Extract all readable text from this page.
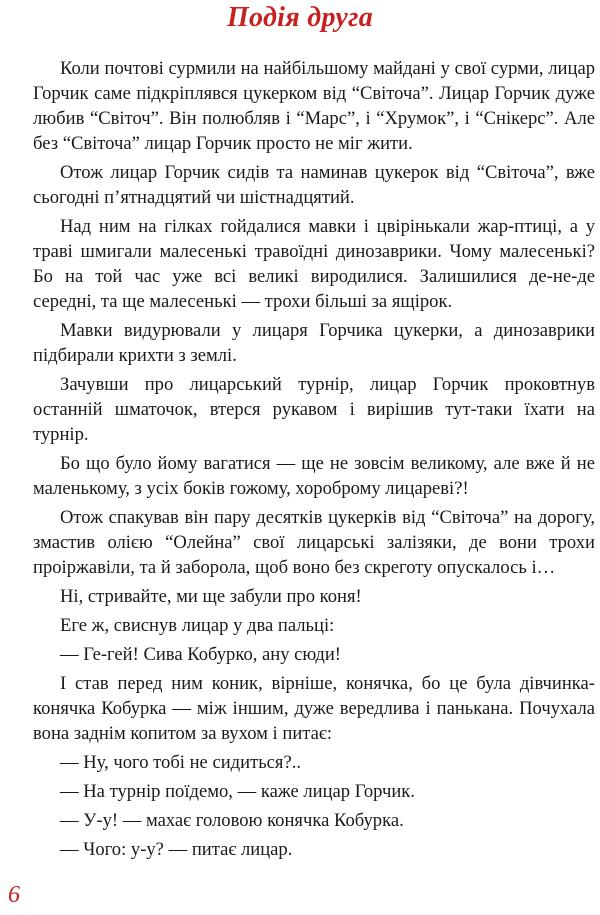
Подія друга

Коли почтові сурмили на найбільшому майдані у свої сурми, лицар Горчик саме підкріплявся цукерком від “Світоча”. Лицар Горчик дуже любив “Світоч”. Він полюбляв і “Марс”, і “Хрумок”, і “Снікерс”. Але без “Світоча” лицар Горчик просто не міг жити.

Отож лицар Горчик сидів та наминав цукерок від “Світоча”, вже сьогодні п’ятнадцятий чи шістнадцятий.

Над ним на гілках гойдалися мавки і цвірінькали жар-птиці, а у траві шмигали малесенькі травоїдні динозаврики. Чому малесенькі? Бо на той час уже всі великі виродилися. Залишилися де-не-де середні, та ще малесенькі — трохи більші за ящірок.

Мавки видурювали у лицаря Горчика цукерки, а динозаврики підбирали крихти з землі.

Зачувши про лицарський турнір, лицар Горчик проковтнув останній шматочок, втерся рукавом і вирішив тут-таки їхати на турнір.

Бо що було йому вагатися — ще не зовсім великому, але вже й не маленькому, з усіх боків гожому, хороброму лицареві?!

Отож спакував він пару десятків цукерків від “Світоча” на дорогу, змастив олією “Олейна” свої лицарські залізяки, де вони трохи проіржавіли, та й заборола, щоб воно без скреготу опускалось і…

Ні, стривайте, ми ще забули про коня!

Еге ж, свиснув лицар у два пальці:

— Ге-гей! Сива Кобурко, ану сюди!

І став перед ним коник, вірніше, конячка, бо це була дівчинка-конячка Кобурка — між іншим, дуже вередлива і панькана. Почухала вона заднім копитом за вухом і питає:

— Ну, чого тобі не сидиться?..

— На турнір поїдемо, — каже лицар Горчик.

— У-у! — махає головою конячка Кобурка.

— Чого: у-у? — питає лицар.

6
